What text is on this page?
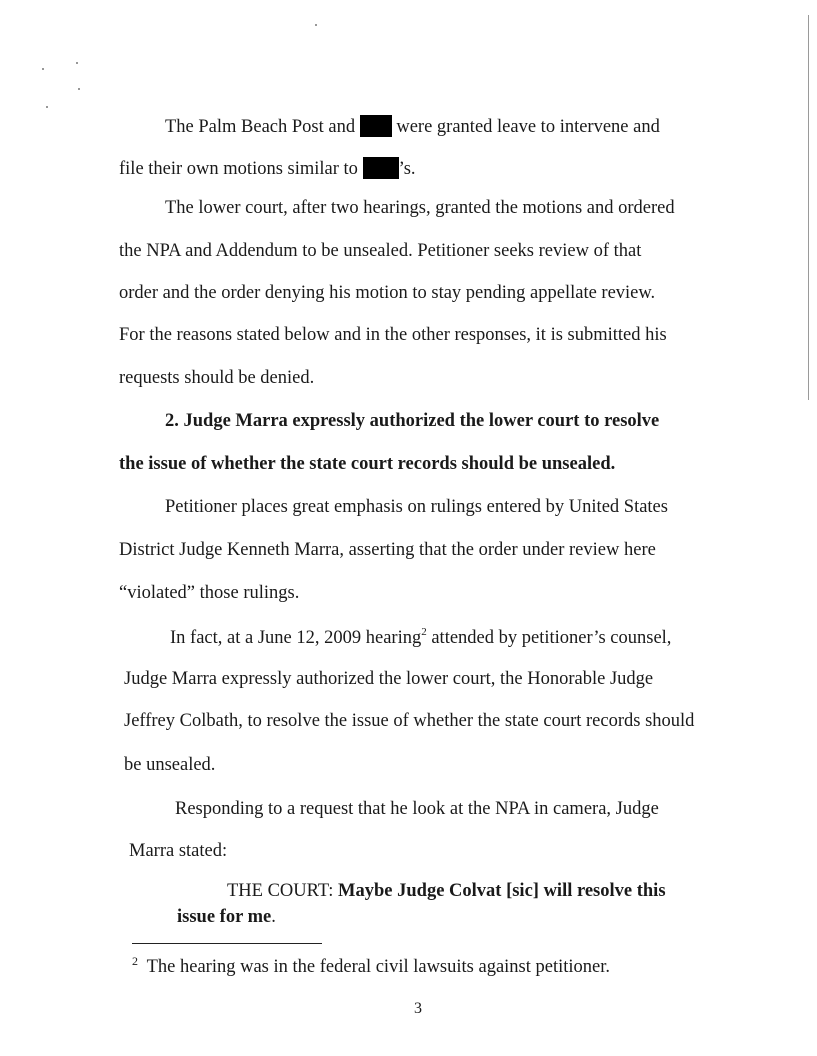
The Palm Beach Post and were granted leave to intervene and
file their own motions similar to ’s.
The lower court, after two hearings, granted the motions and ordered
the NPA and Addendum to be unsealed. Petitioner seeks review of that
order and the order denying his motion to stay pending appellate review.
For the reasons stated below and in the other responses, it is submitted his
requests should be denied.
2. Judge Marra expressly authorized the lower court to resolve
the issue of whether the state court records should be unsealed.
Petitioner places great emphasis on rulings entered by United States
District Judge Kenneth Marra, asserting that the order under review here
“violated” those rulings.
In fact, at a June 12, 2009 hearing$^2$ attended by petitioner’s counsel,
Judge Marra expressly authorized the lower court, the Honorable Judge
Jeffrey Colbath, to resolve the issue of whether the state court records should
be unsealed.
Responding to a request that he look at the NPA in camera, Judge
Marra stated:
THE COURT: Maybe Judge Colvat [sic] will resolve this
issue for me.
$^2$ The hearing was in the federal civil lawsuits against petitioner.
3
